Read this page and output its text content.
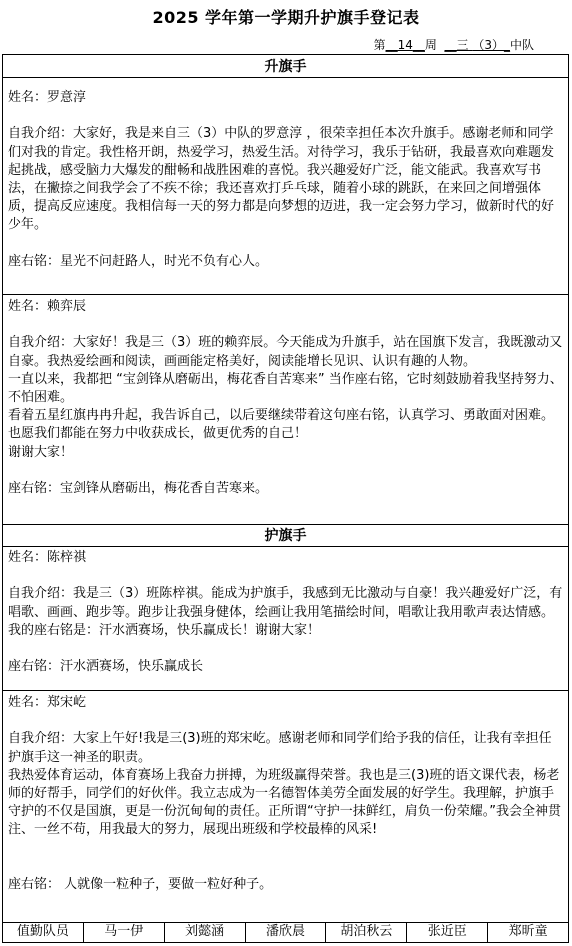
2025 学年第一学期升护旗手登记表
第__14__周 __三 （3）_中队
升旗手

姓名：罗意淳

自我介绍：大家好，我是来自三（3）中队的罗意淳 ，很荣幸担任本次升旗手。感谢老师和同学们对我的肯定。我性格开朗，热爱学习，热爱生活。对待学习，我乐于钻研，我最喜欢向难题发起挑战，感受脑力大爆发的酣畅和战胜困难的喜悦。我兴趣爱好广泛，能文能武。我喜欢写书法，在撇捺之间我学会了不疾不徐；我还喜欢打乒乓球，随着小球的跳跃，在来回之间增强体质，提高反应速度。我相信每一天的努力都是向梦想的迈进，我一定会努力学习，做新时代的好少年。

座右铭：星光不问赶路人，时光不负有心人。

姓名：赖弈辰

自我介绍：大家好！我是三（3）班的赖弈辰。今天能成为升旗手，站在国旗下发言，我既激动又自豪。我热爱绘画和阅读，画画能定格美好，阅读能增长见识、认识有趣的人物。

一直以来，我都把 “宝剑锋从磨砺出，梅花香自苦寒来” 当作座右铭，它时刻鼓励着我坚持努力、不怕困难。

看着五星红旗冉冉升起，我告诉自己，以后要继续带着这句座右铭，认真学习、勇敢面对困难。也愿我们都能在努力中收获成长，做更优秀的自己！

谢谢大家！

座右铭：宝剑锋从磨砺出，梅花香自苦寒来。

护旗手

姓名：陈梓祺

自我介绍：我是三（3）班陈梓祺。能成为护旗手，我感到无比激动与自豪！我兴趣爱好广泛，有唱歌、画画、跑步等。跑步让我强身健体，绘画让我用笔描绘时间，唱歌让我用歌声表达情感。我的座右铭是：汗水洒赛场，快乐赢成长！谢谢大家！

座右铭：汗水洒赛场，快乐赢成长

姓名：郑宋屹

自我介绍：大家上午好!我是三(3)班的郑宋屹。感谢老师和同学们给予我的信任，让我有幸担任护旗手这一神圣的职责。

我热爱体育运动，体育赛场上我奋力拼搏，为班级赢得荣誉。我也是三(3)班的语文课代表，杨老师的好帮手，同学们的好伙伴。我立志成为一名德智体美劳全面发展的好学生。我理解，护旗手守护的不仅是国旗，更是一份沉甸甸的责任。正所谓“守护一抹鲜红，肩负一份荣耀。”我会全神贯注、一丝不苟，用我最大的努力，展现出班级和学校最棒的风采!

座右铭： 人就像一粒种子，要做一粒好种子。

值勤队员	马一伊	刘懿涵	潘欣晨	胡泊秋云	张近臣	郑昕童
